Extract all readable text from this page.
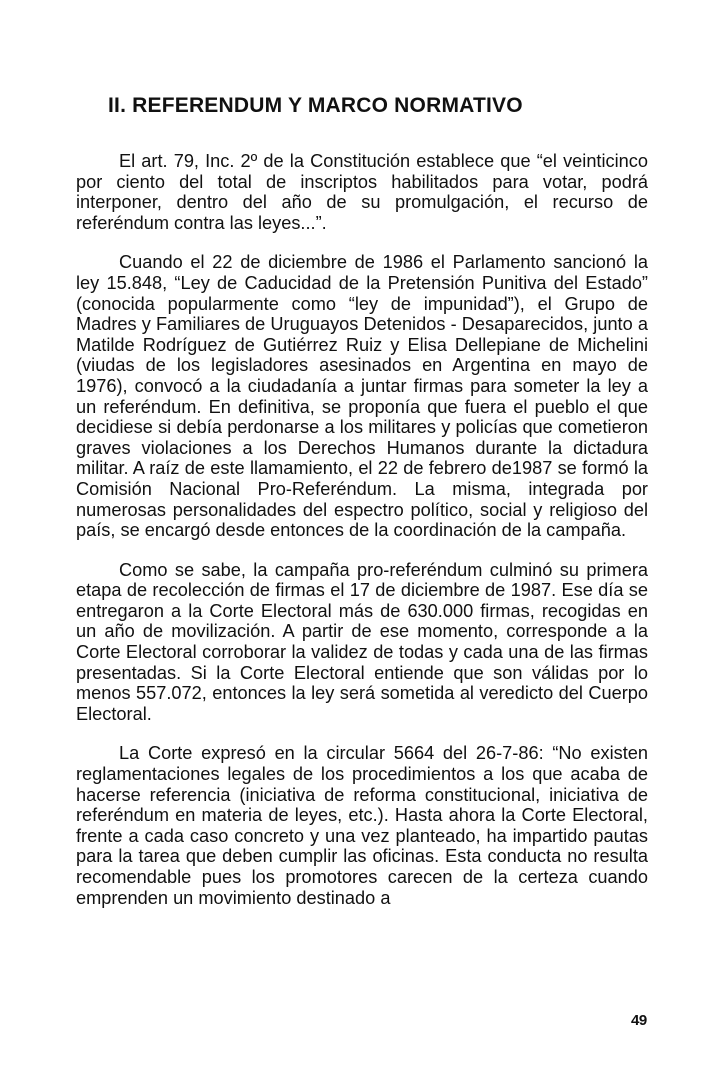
II. REFERENDUM Y MARCO NORMATIVO

El art. 79, Inc. 2º de la Constitución establece que “el veinticinco por ciento del total de inscriptos habilitados para votar, podrá interponer, dentro del año de su promulgación, el recurso de referéndum contra las leyes...”.

Cuando el 22 de diciembre de 1986 el Parlamento sancionó la ley 15.848, “Ley de Caducidad de la Pretensión Punitiva del Estado” (conocida popularmente como “ley de impunidad”), el Grupo de Madres y Familiares de Uruguayos Detenidos - Desaparecidos, junto a Matilde Rodríguez de Gutiérrez Ruiz y Elisa Dellepiane de Michelini (viudas de los legisladores asesinados en Argentina en mayo de 1976), convocó a la ciudadanía a juntar firmas para someter la ley a un referéndum. En definitiva, se proponía que fuera el pueblo el que decidiese si debía perdonarse a los militares y policías que cometieron graves violaciones a los Derechos Humanos durante la dictadura militar. A raíz de este llamamiento, el 22 de febrero de1987 se formó la Comisión Nacional Pro-Referéndum. La misma, integrada por numerosas personalidades del espectro político, social y religioso del país, se encargó desde entonces de la coordinación de la campaña.

Como se sabe, la campaña pro-referéndum culminó su primera etapa de recolección de firmas el 17 de diciembre de 1987. Ese día se entregaron a la Corte Electoral más de 630.000 firmas, recogidas en un año de movilización. A partir de ese momento, corresponde a la Corte Electoral corroborar la validez de todas y cada una de las firmas presentadas. Si la Corte Electoral entiende que son válidas por lo menos 557.072, entonces la ley será sometida al veredicto del Cuerpo Electoral.

La Corte expresó en la circular 5664 del 26-7-86: “No existen reglamentaciones legales de los procedimientos a los que acaba de hacerse referencia (iniciativa de reforma constitucional, iniciativa de referéndum en materia de leyes, etc.). Hasta ahora la Corte Electoral, frente a cada caso concreto y una vez planteado, ha impartido pautas para la tarea que deben cumplir las oficinas. Esta conducta no resulta recomendable pues los promotores carecen de la certeza cuando emprenden un movimiento destinado a

49
